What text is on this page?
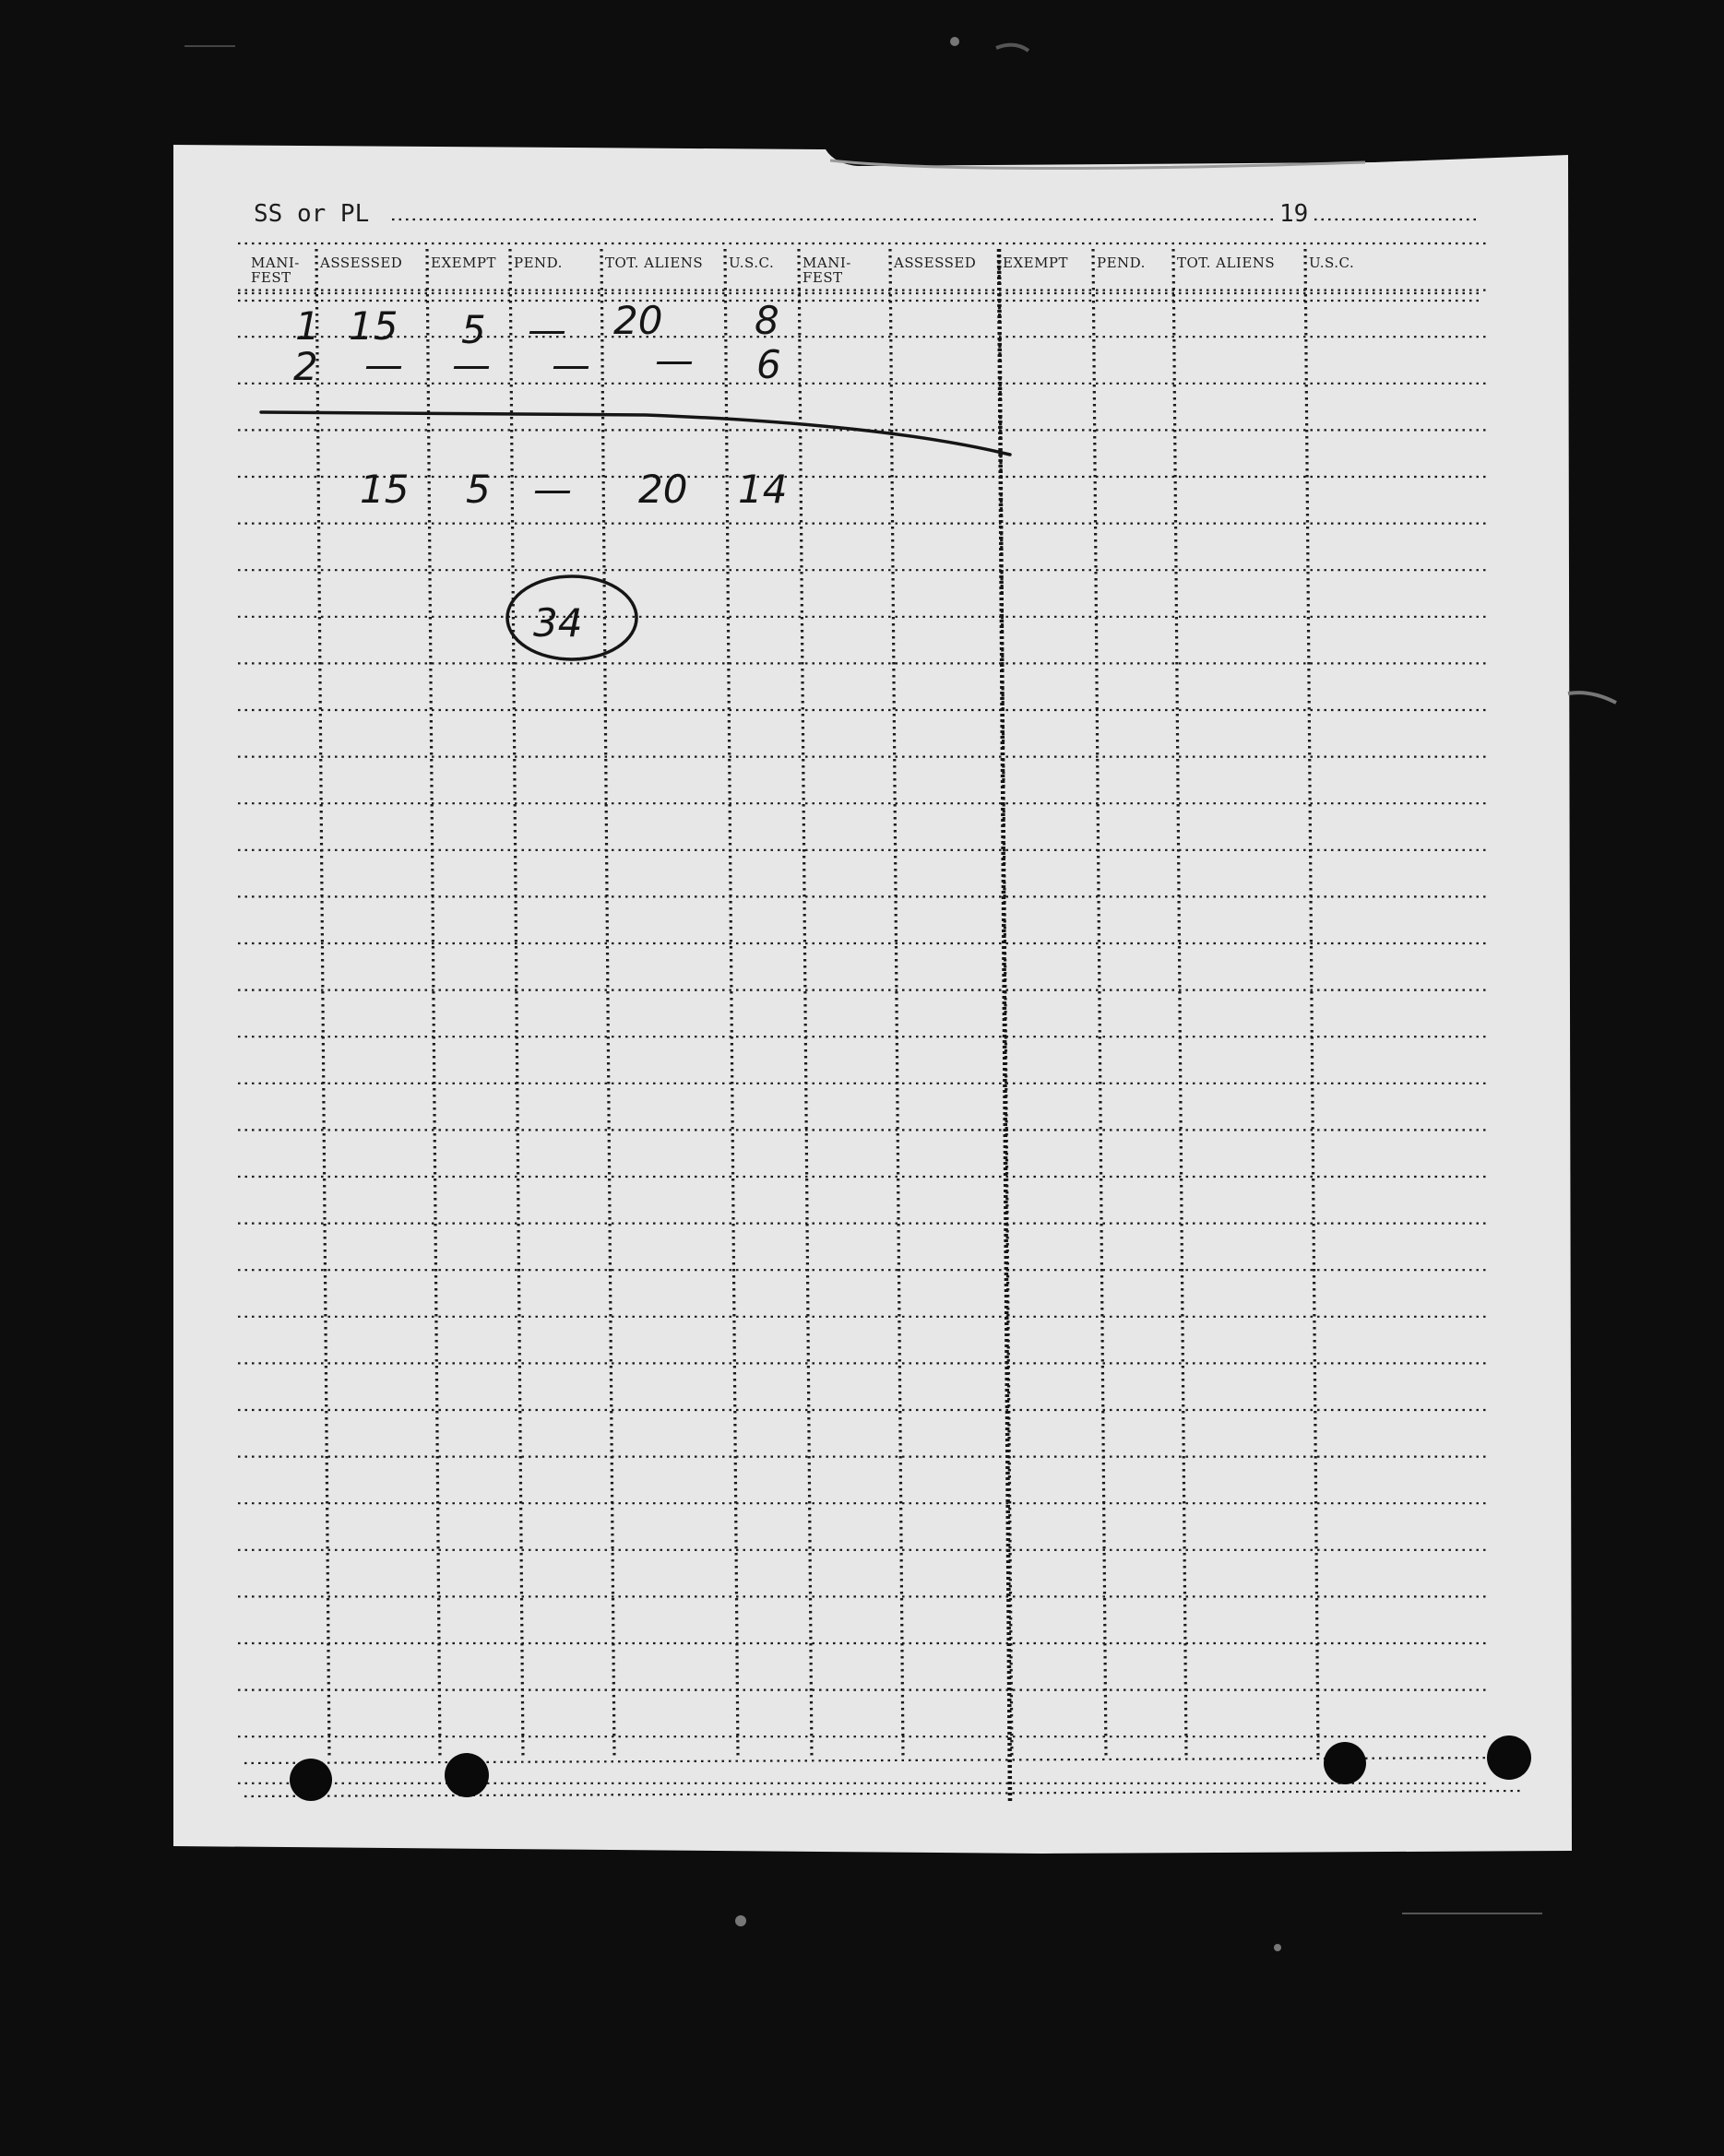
SS or PL	19
MANI-
FEST
ASSESSED EXEMPT PEND.	TOT. ALIENS U.S.C. MANI-
FEST
ASSESSED EXEMPT PEND. TOT. ALIENS U.S.C.
1 15 5 — 20 8
2 — — — — 6
15 5 — 20 14
34
